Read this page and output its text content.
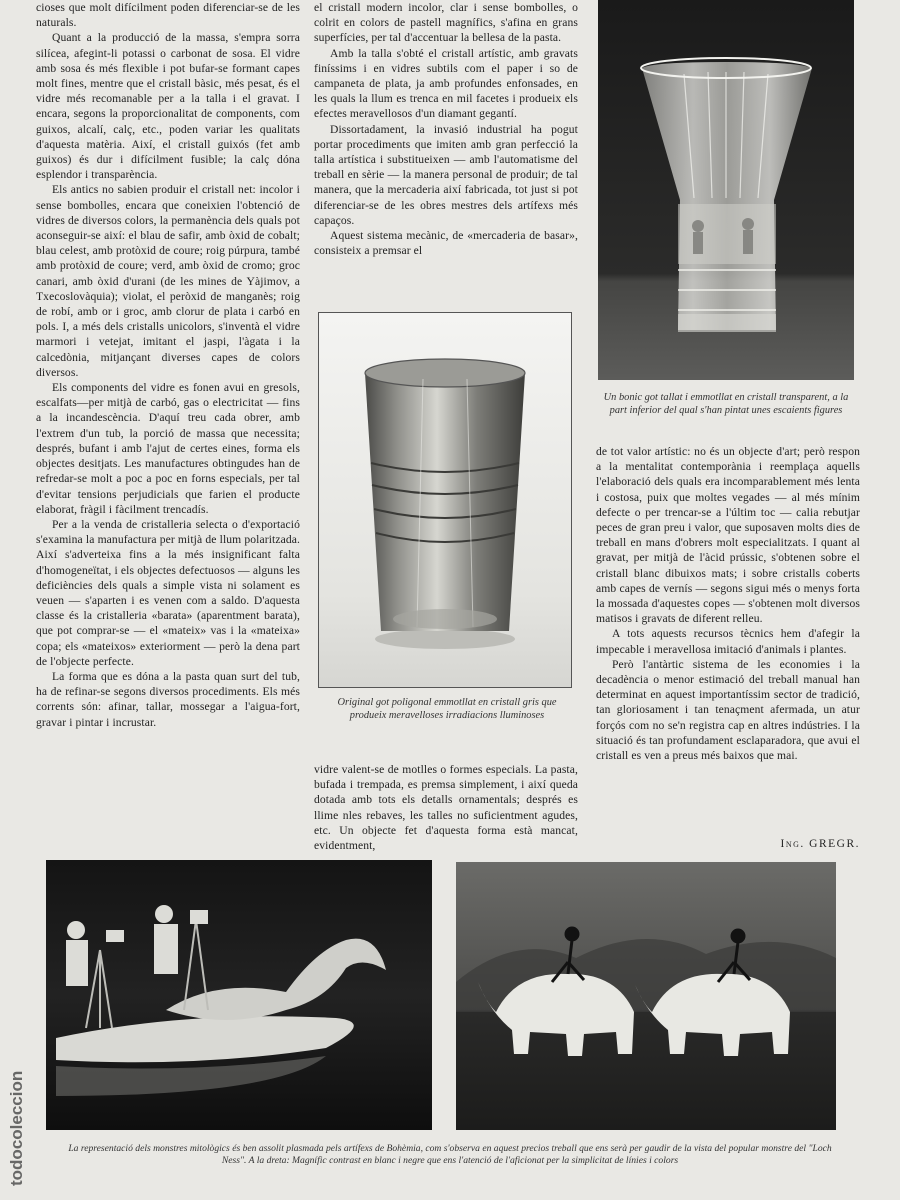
cioses que molt difícilment poden diferenciar-se de les naturals.

Quant a la producció de la massa, s'empra sorra silícea, afegint-li potassi o carbonat de sosa. El vidre amb sosa és més flexible i pot bufar-se formant capes molt fines, mentre que el cristall bàsic, més pesat, és el vidre més recomanable per a la talla i el gravat. I encara, segons la proporcionalitat de components, com guixos, alcalí, calç, etc., poden variar les qualitats d'aquesta matèria. Així, el cristall guixós (fet amb guixos) és dur i difícilment fusible; la calç dóna esplendor i transparència.

Els antics no sabien produir el cristall net: incolor i sense bombolles, encara que coneixien l'obtenció de vidres de diversos colors, la permanència dels quals pot aconseguir-se així: el blau de safir, amb òxid de cobalt; blau celest, amb protòxid de coure; roig púrpura, també amb protòxid de coure; verd, amb òxid de cromo; groc canari, amb òxid d'urani (de les mines de Yàjimov, a Txecoslovàquia); violat, el peròxid de manganès; roig de robí, amb or i groc, amb clorur de plata i carbó en pols. I, a més dels cristalls unicolors, s'inventà el vidre marmori i vetejat, imitant el jaspi, l'àgata i la calcedònia, mitjançant diverses capes de colors diversos.

Els components del vidre es fonen avui en gresols, escalfats—per mitjà de carbó, gas o electricitat — fins a la incandescència. D'aquí treu cada obrer, amb l'extrem d'un tub, la porció de massa que necessita; després, bufant i amb l'ajut de certes eines, forma els objectes desitjats. Les manufactures obtingudes han de refredar-se molt a poc a poc en forns especials, per tal d'evitar tensions perjudicials que farien el producte elaborat, fràgil i fàcilment trencadís.

Per a la venda de cristalleria selecta o d'exportació s'examina la manufactura per mitjà de llum polaritzada. Així s'adverteixa fins a la més insignificant falta d'homogeneïtat, i els objectes defectuosos — alguns les deficiències dels quals a simple vista ni solament es veuen — s'aparten i es venen com a saldo. D'aquesta classe és la cristalleria «barata» (aparentment barata), que pot comprar-se — el «mateix» vas i la «mateixa» copa; els «mateixos» exteriorment — però la dena part de l'objecte perfecte.

La forma que es dóna a la pasta quan surt del tub, ha de refinar-se segons diversos procediments. Els més corrents són: afinar, tallar, mossegar a l'aigua-fort, gravar i pintar i incrustar.

el cristall modern incolor, clar i sense bombolles, o colrit en colors de pastell magnífics, s'afina en grans superfícies, per tal d'accentuar la bellesa de la pasta.

Amb la talla s'obté el cristall artístic, amb gravats finíssims i en vidres subtils com el paper i so de campaneta de plata, ja amb profundes enfonsades, en les quals la llum es trenca en mil facetes i produeix els efectes meravellosos d'un diamant gegantí.

Dissortadament, la invasió industrial ha pogut portar procediments que imiten amb gran perfecció la talla artística i substitueixen — amb l'automatisme del treball en sèrie — la manera personal de produir; de tal manera, que la mercaderia així fabricada, tot just si pot diferenciar-se de les obres mestres dels artífexs més capaços.

Aquest sistema mecànic, de «mercaderia de basar», consisteix a premsar el

Original got poligonal emmotllat en cristall gris que produeix meravelloses irradiacions lluminoses

vidre valent-se de motlles o formes especials. La pasta, bufada i trempada, es premsa simplement, i així queda dotada amb tots els detalls ornamentals; després es llime nles rebaves, les talles no suficientment agudes, etc. Un objecte fet d'aquesta forma està mancat, evidentment,

Un bonic got tallat i emmotllat en cristall transparent, a la part inferior del qual s'han pintat unes escaients figures

de tot valor artístic: no és un objecte d'art; però respon a la mentalitat contemporània i reemplaça aquells l'elaboració dels quals era incomparablement més lenta i costosa, puix que moltes vegades — al més mínim defecte o per trencar-se a l'últim toc — calia rebutjar peces de gran preu i valor, que suposaven molts dies de treball en mans d'obrers molt especialitzats. I quant al gravat, per mitjà de l'àcid prússic, s'obtenen sobre el cristall blanc dibuixos mats; i sobre cristalls coberts amb capes de vernís — segons sigui més o menys forta la mossada d'aquestes copes — s'obtenen molt diversos matisos i gravats de diferent relleu.

A tots aquests recursos tècnics hem d'afegir la impecable i meravellosa imitació d'animals i plantes.

Però l'antàrtic sistema de les economies i la decadència o menor estimació del treball manual han determinat en aquest importantíssim sector de tradició, tan gloriosament i tan tenaçment afermada, un atur forçós com no se'n registra cap en altres indústries. I la situació és tan profundament esclaparadora, que avui el cristall es ven a preus més baixos que mai.

Ing. GREGR.
La representació dels monstres mitològics és ben assolit plasmada pels artífexs de Bohèmia, com s'observa en aquest precios treball que ens serà per gaudir de la vista del popular monstre del "Loch Ness". A la dreta: Magnífic contrast en blanc i negre que ens l'atenció de l'aficionat per la simplicitat de línies i colors
todocoleccion
